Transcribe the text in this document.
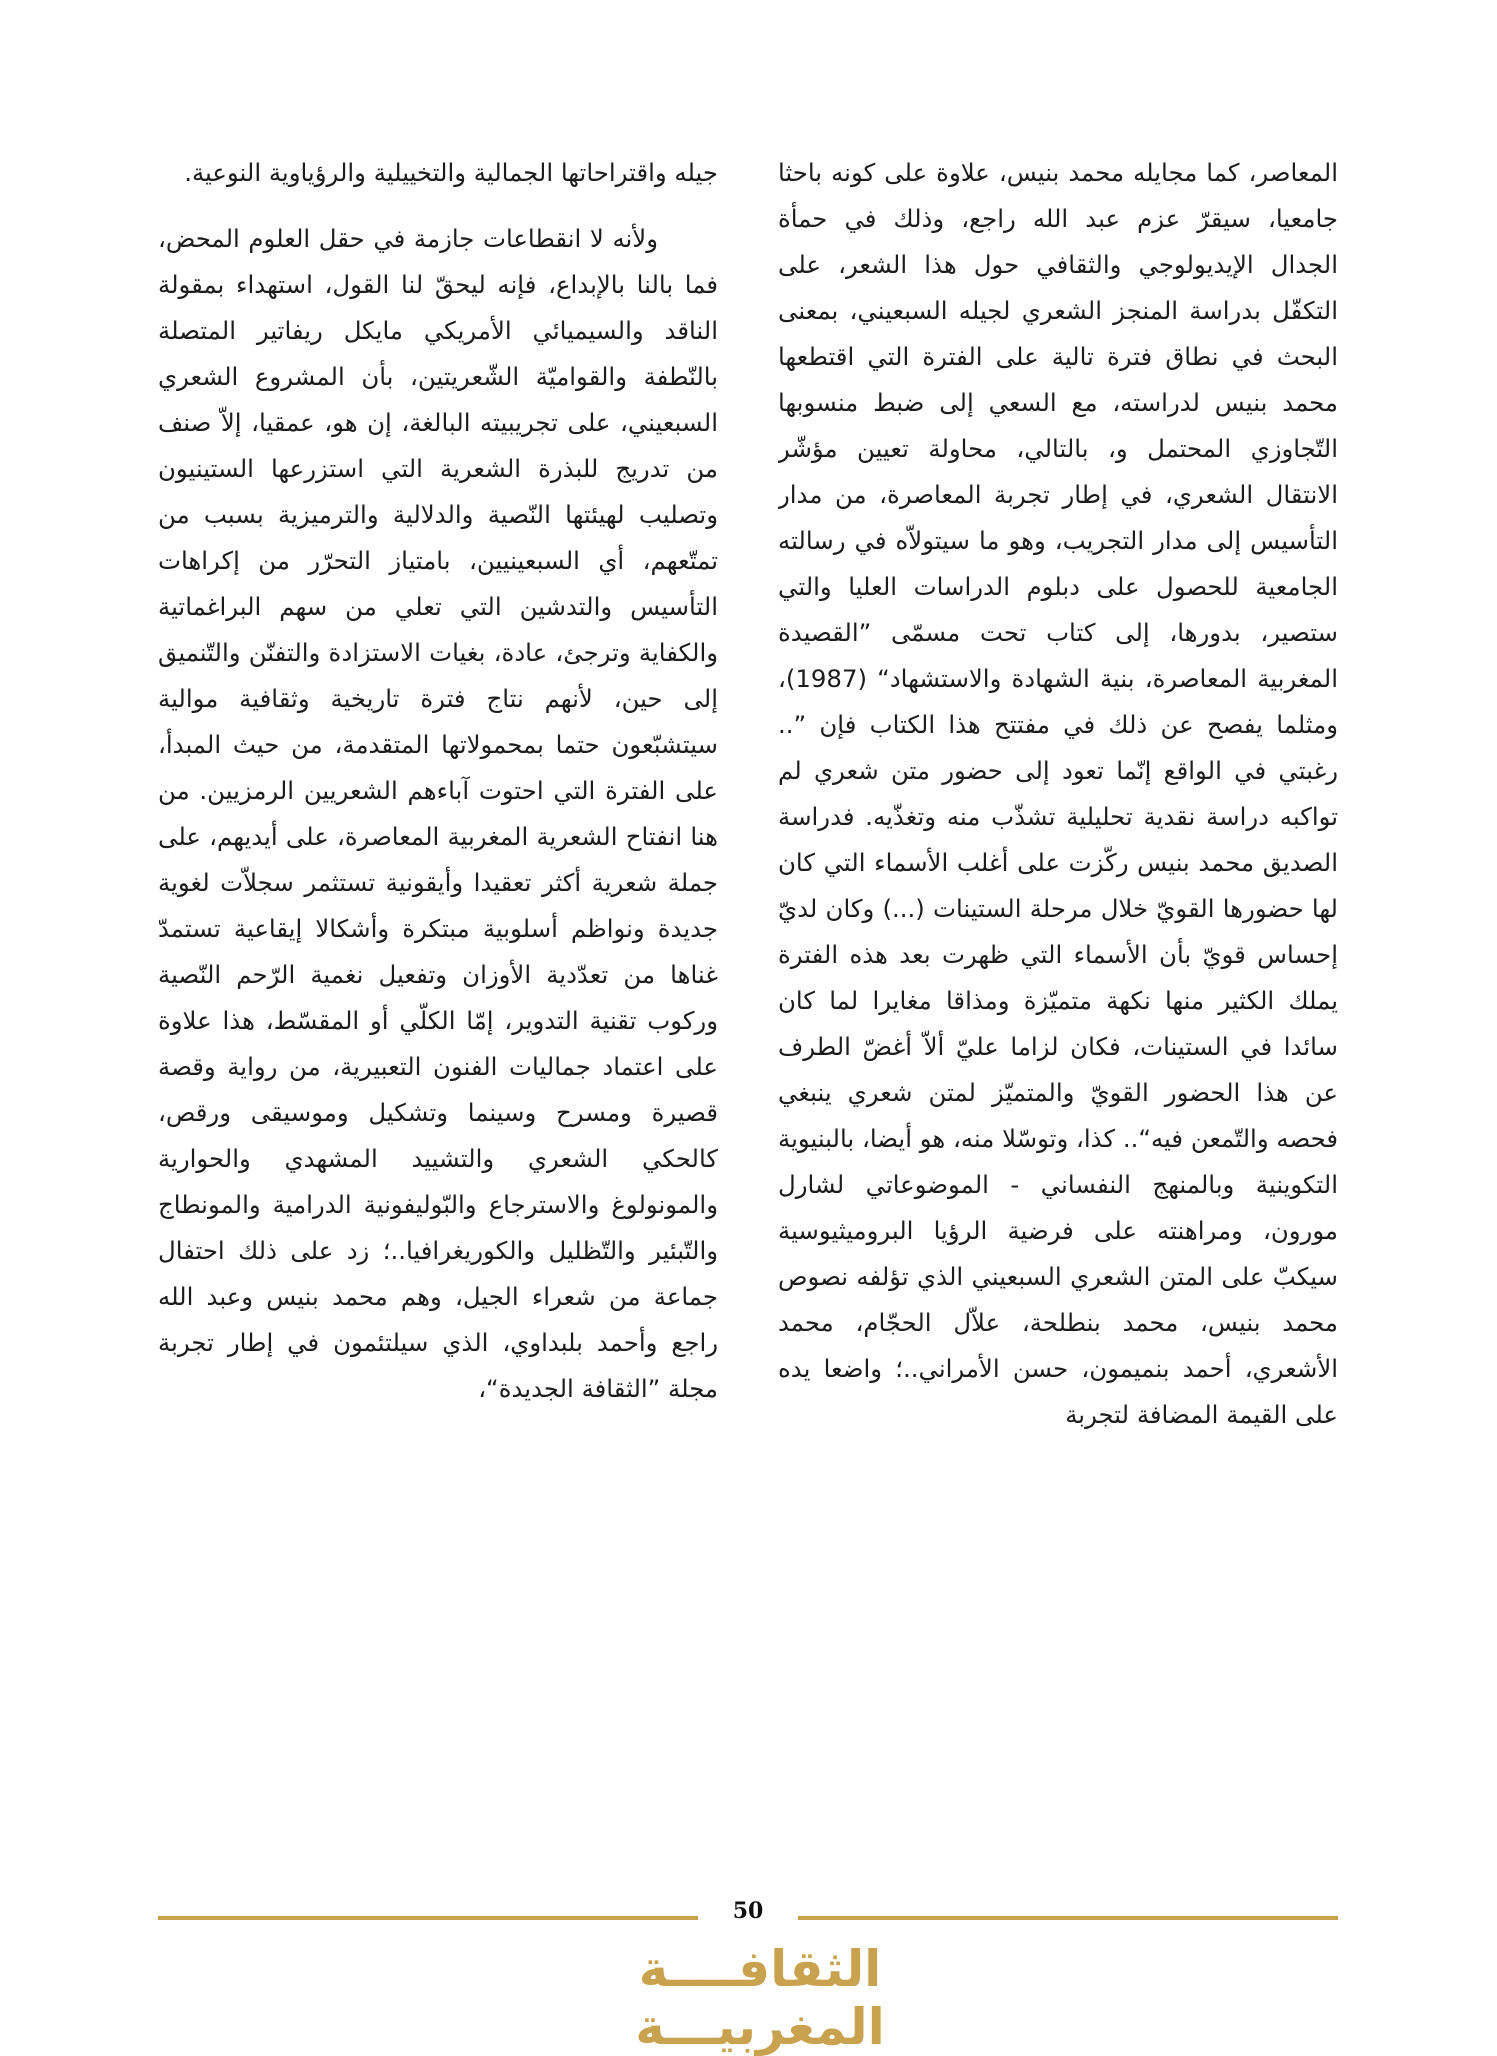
المعاصر، كما مجايله محمد بنيس، علاوة على كونه باحثا جامعيا، سيقرّ عزم عبد الله راجع، وذلك في حمأة الجدال الإيديولوجي والثقافي حول هذا الشعر، على التكفّل بدراسة المنجز الشعري لجيله السبعيني، بمعنى البحث في نطاق فترة تالية على الفترة التي اقتطعها محمد بنيس لدراسته، مع السعي إلى ضبط منسوبها التّجاوزي المحتمل و، بالتالي، محاولة تعيين مؤشّر الانتقال الشعري، في إطار تجربة المعاصرة، من مدار التأسيس إلى مدار التجريب، وهو ما سيتولاّه في رسالته الجامعية للحصول على دبلوم الدراسات العليا والتي ستصير، بدورها، إلى كتاب تحت مسمّى ”القصيدة المغربية المعاصرة، بنية الشهادة والاستشهاد“ (1987)، ومثلما يفصح عن ذلك في مفتتح هذا الكتاب فإن ”.. رغبتي في الواقع إنّما تعود إلى حضور متن شعري لم تواكبه دراسة نقدية تحليلية تشذّب منه وتغذّيه. فدراسة الصديق محمد بنيس ركّزت على أغلب الأسماء التي كان لها حضورها القويّ خلال مرحلة الستينات (...) وكان لديّ إحساس قويّ بأن الأسماء التي ظهرت بعد هذه الفترة يملك الكثير منها نكهة متميّزة ومذاقا مغايرا لما كان سائدا في الستينات، فكان لزاما عليّ ألاّ أغضّ الطرف عن هذا الحضور القويّ والمتميّز لمتن شعري ينبغي فحصه والتّمعن فيه“.. كذا، وتوسّلا منه، هو أيضا، بالبنيوية التكوينية وبالمنهج النفساني - الموضوعاتي لشارل مورون، ومراهنته على فرضية الرؤيا البروميثيوسية سيكبّ على المتن الشعري السبعيني الذي تؤلفه نصوص محمد بنيس، محمد بنطلحة، علاّل الحجّام، محمد الأشعري، أحمد بنميمون، حسن الأمراني..؛ واضعا يده على القيمة المضافة لتجربة

جيله واقتراحاتها الجمالية والتخييلية والرؤياوية النوعية.

ولأنه لا انقطاعات جازمة في حقل العلوم المحض، فما بالنا بالإبداع، فإنه ليحقّ لنا القول، استهداء بمقولة الناقد والسيميائي الأمريكي مايكل ريفاتير المتصلة بالنّطفة والقواميّة الشّعريتين، بأن المشروع الشعري السبعيني، على تجريبيته البالغة، إن هو، عمقيا، إلاّ صنف من تدريج للبذرة الشعرية التي استزرعها الستينيون وتصليب لهيئتها النّصية والدلالية والترميزية بسبب من تمتّعهم، أي السبعينيين، بامتياز التحرّر من إكراهات التأسيس والتدشين التي تعلي من سهم البراغماتية والكفاية وترجئ، عادة، بغيات الاستزادة والتفنّن والتّنميق إلى حين، لأنهم نتاج فترة تاريخية وثقافية موالية سيتشبّعون حتما بمحمولاتها المتقدمة، من حيث المبدأ، على الفترة التي احتوت آباءهم الشعريين الرمزيين. من هنا انفتاح الشعرية المغربية المعاصرة، على أيديهم، على جملة شعرية أكثر تعقيدا وأيقونية تستثمر سجلاّت لغوية جديدة ونواظم أسلوبية مبتكرة وأشكالا إيقاعية تستمدّ غناها من تعدّدية الأوزان وتفعيل نغمية الرّحم النّصية وركوب تقنية التدوير، إمّا الكلّي أو المقسّط، هذا علاوة على اعتماد جماليات الفنون التعبيرية، من رواية وقصة قصيرة ومسرح وسينما وتشكيل وموسيقى ورقص، كالحكي الشعري والتشييد المشهدي والحوارية والمونولوغ والاسترجاع والبّوليفونية الدرامية والمونطاج والتّبئير والتّظليل والكوريغرافيا..؛ زد على ذلك احتفال جماعة من شعراء الجيل، وهم محمد بنيس وعبد الله راجع وأحمد بلبداوي، الذي سيلتئمون في إطار تجربة مجلة ”الثقافة الجديدة“،

50
الثقافــــة المغربيـــة
